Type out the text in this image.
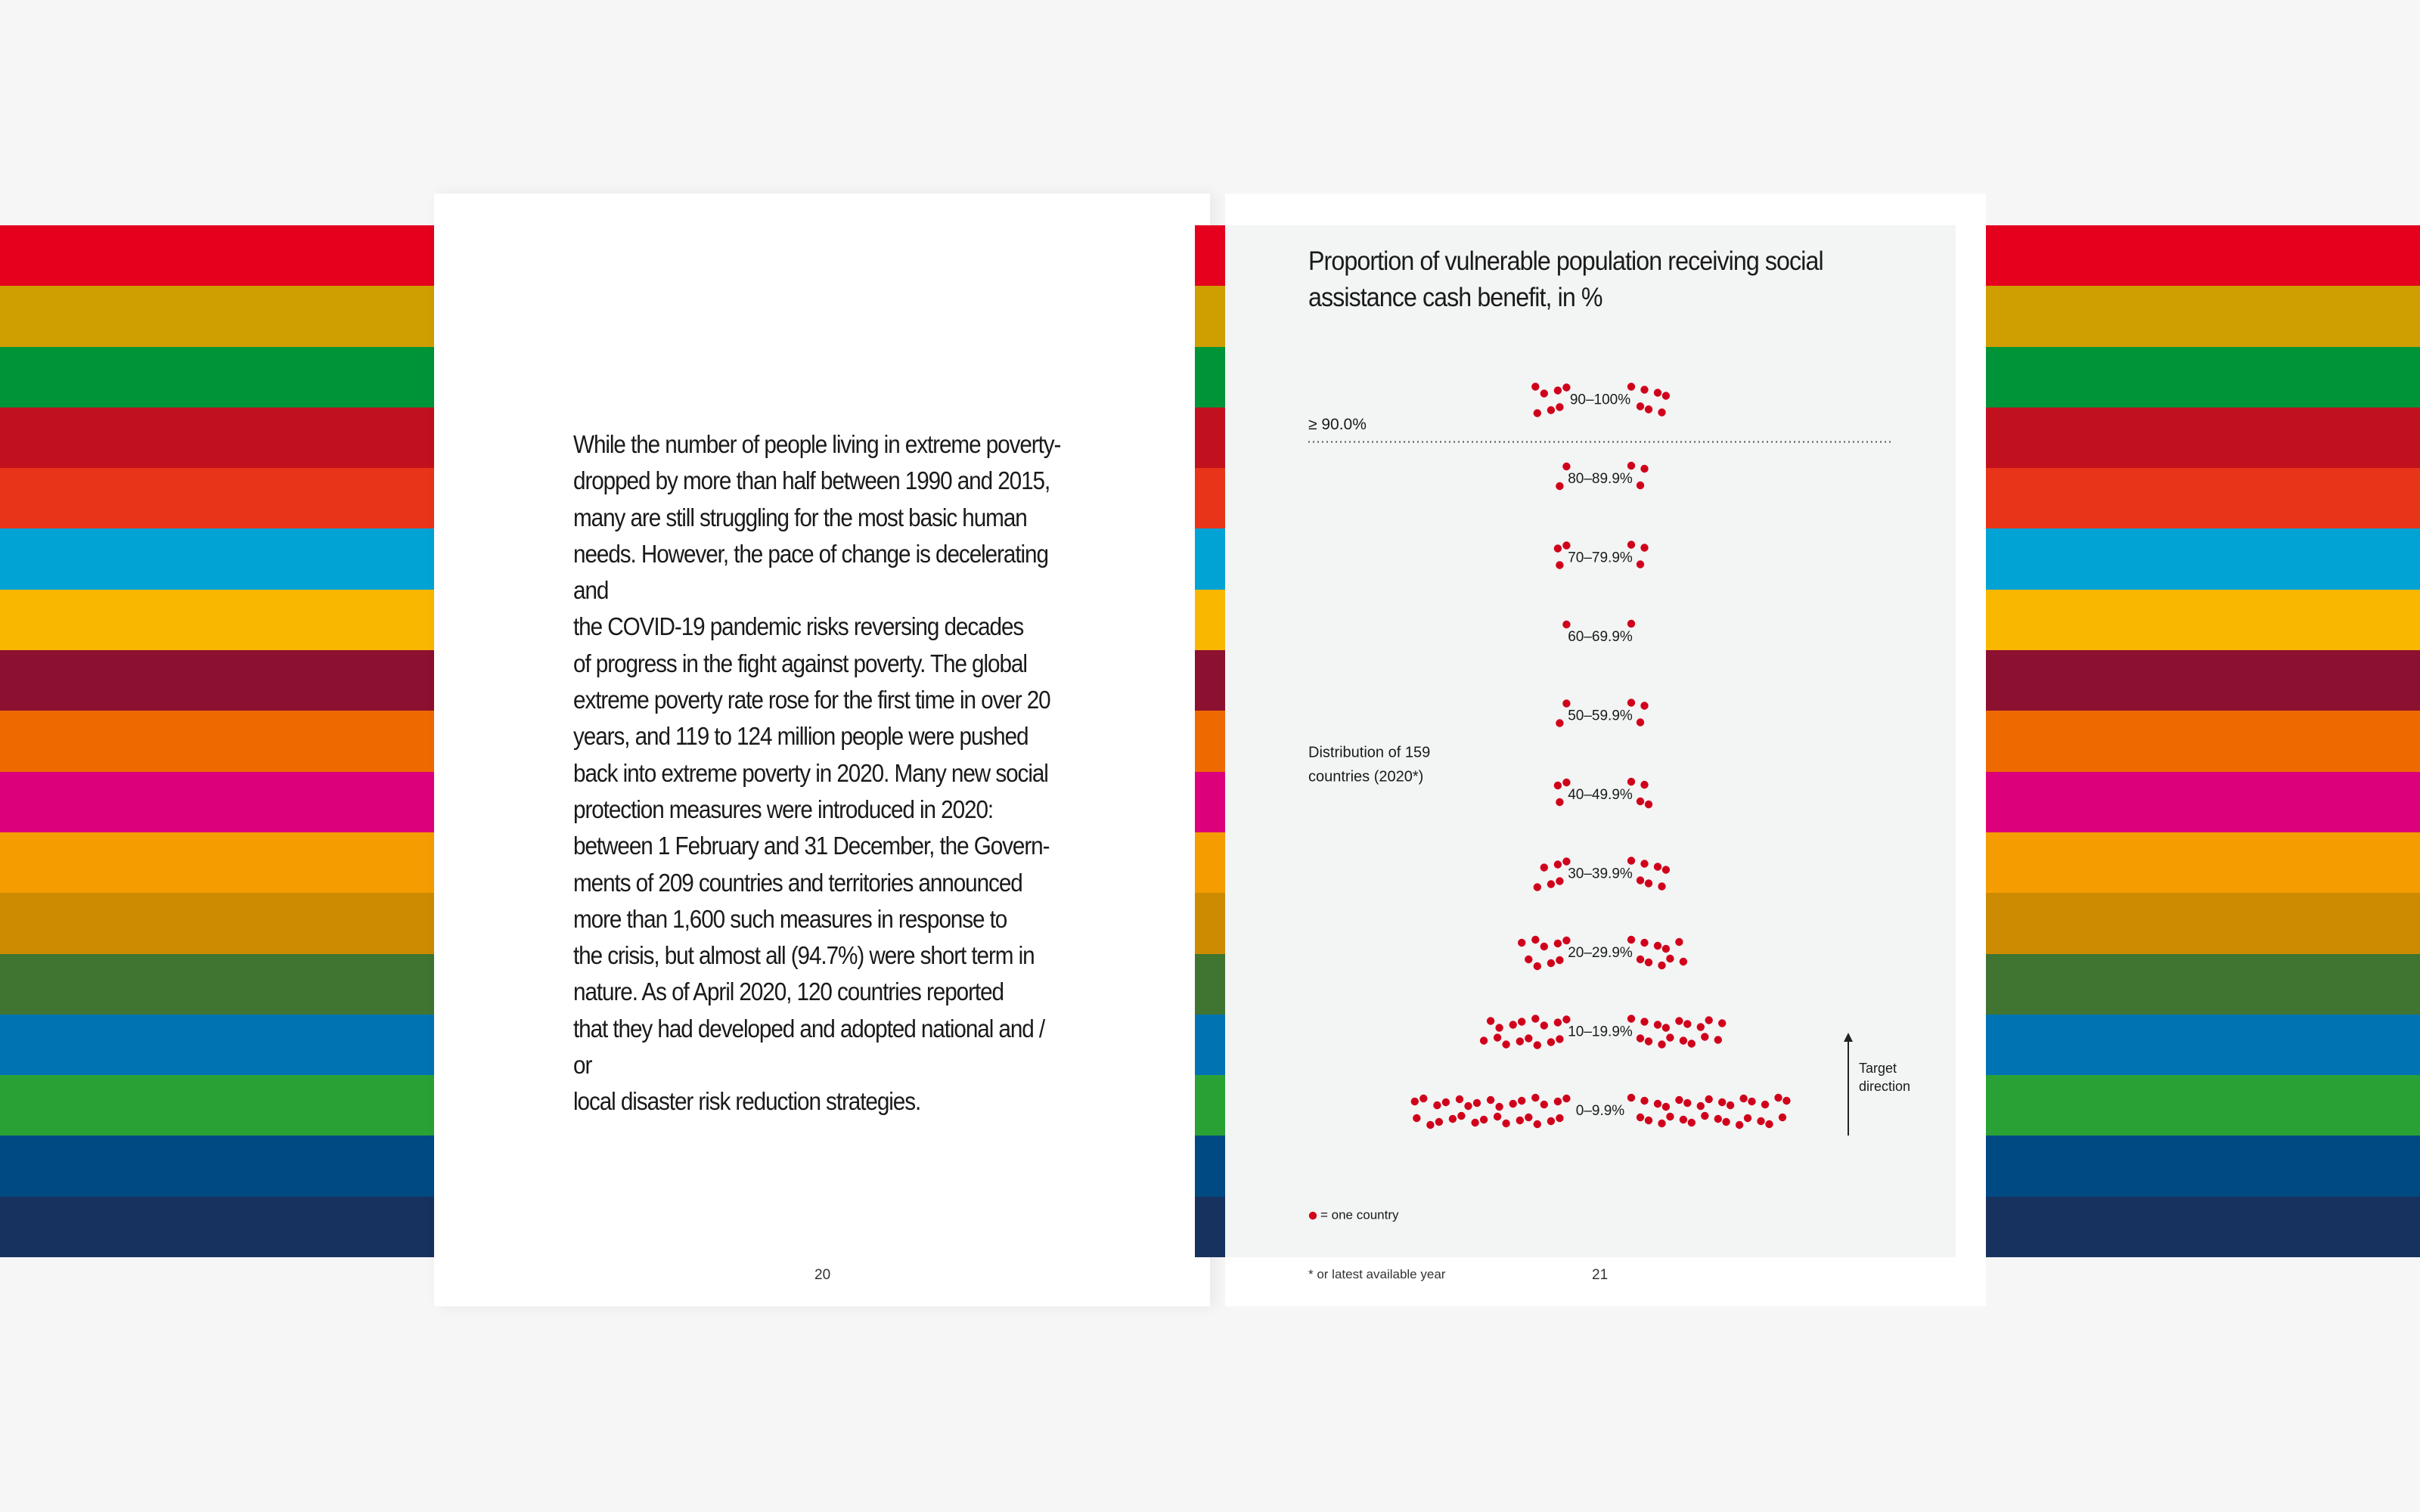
While the number of people living in extreme poverty-
dropped by more than half between 1990 and 2015,
many are still struggling for the most basic human
needs. However, the pace of change is decelerating and
the COVID-19 pandemic risks reversing decades
of progress in the fight against poverty. The global
extreme poverty rate rose for the first time in over 20
years, and 119 to 124 million people were pushed
back into extreme poverty in 2020. Many new social
protection measures were introduced in 2020:
between 1 February and 31 December, the Govern-
ments of 209 countries and territories announced
more than 1,600 such measures in response to
the crisis, but almost all (94.7%) were short term in
nature. As of April 2020, 120 countries reported
that they had developed and adopted national and / or
local disaster risk reduction strategies.

20
Proportion of vulnerable population receiving social
assistance cash benefit, in %
0–9.9%
10–19.9%
20–29.9%
30–39.9%
40–49.9%
50–59.9%
60–69.9%
70–79.9%
80–89.9%
90–100%
≥ 90.0%
Distribution of 159
countries (2020*)
Target
direction
= one country
* or latest available year	21
